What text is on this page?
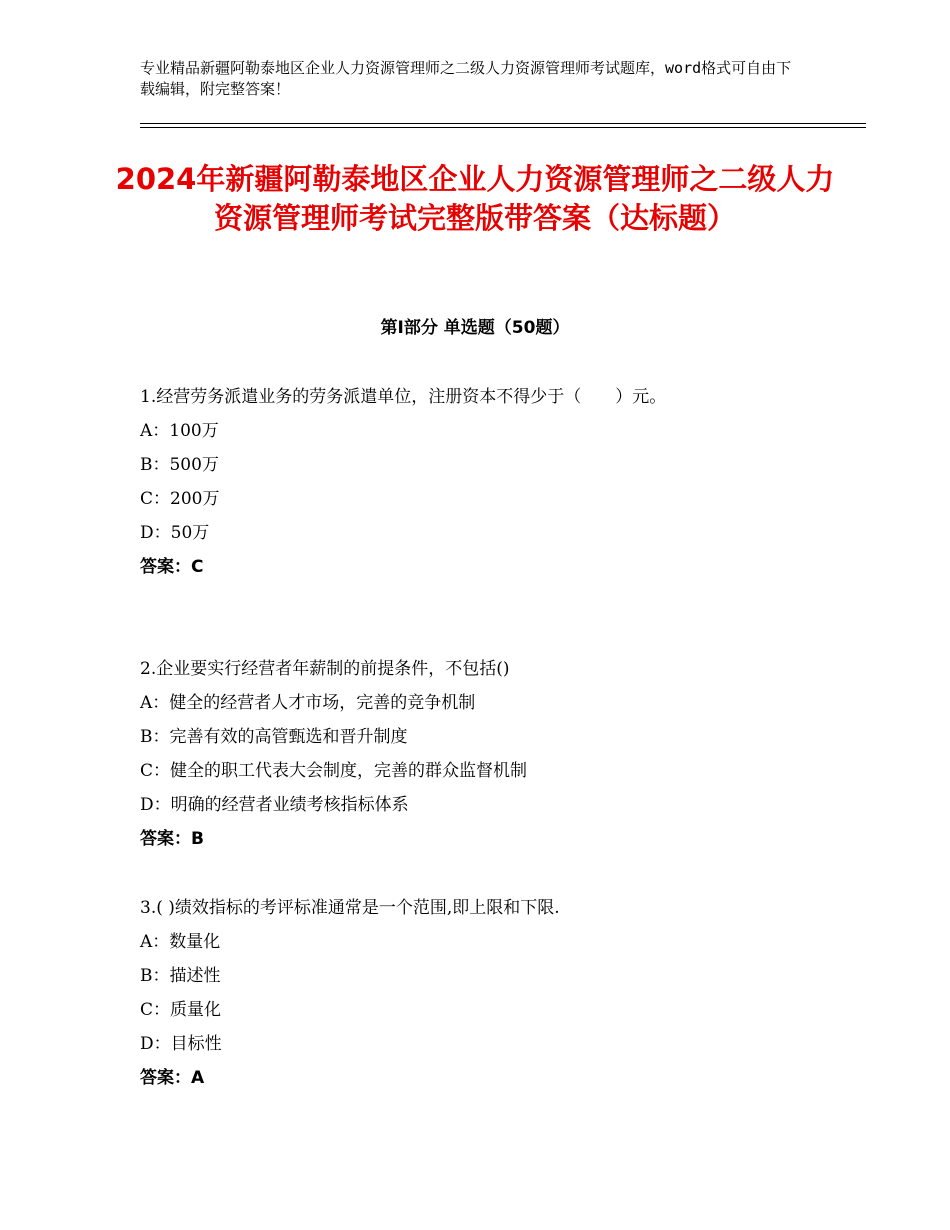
专业精品新疆阿勒泰地区企业人力资源管理师之二级人力资源管理师考试题库，word格式可自由下载编辑，附完整答案！
2024年新疆阿勒泰地区企业人力资源管理师之二级人力资源管理师考试完整版带答案（达标题）
第Ⅰ部分 单选题（50题）
1.经营劳务派遣业务的劳务派遣单位，注册资本不得少于（　　）元。
A：100万
B：500万
C：200万
D：50万
答案：C
2.企业要实行经营者年薪制的前提条件，不包括()
A：健全的经营者人才市场，完善的竞争机制
B：完善有效的高管甄选和晋升制度
C：健全的职工代表大会制度，完善的群众监督机制
D：明确的经营者业绩考核指标体系
答案：B
3.( )绩效指标的考评标准通常是一个范围,即上限和下限.
A：数量化
B：描述性
C：质量化
D：目标性
答案：A
